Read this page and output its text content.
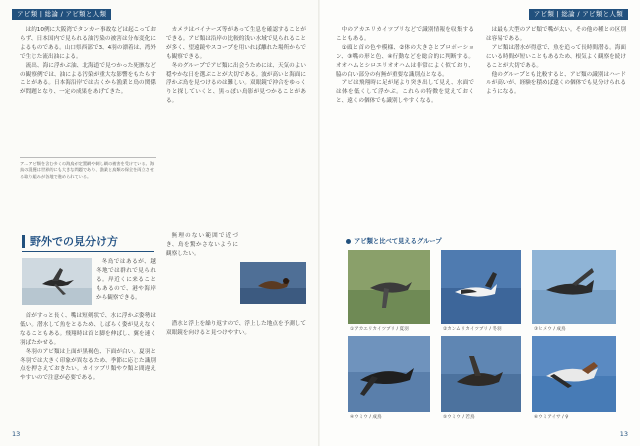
アビ類 | 総論 / アビ類と人類

は約10例に大阪湾でタンカー事故などは起こっておらず、日本国内で見られる油汚染の被害は分布変化によるものである。山口県西部で3、4羽の漂着は、湾外で生じた流出油による。

流出、海に浮かぶ油、北海道で見つかった死骸などの観察例では、油による汚染が重大な影響をもたらすことがある。日本海沿岸では古くから漁業と鳥の関係が問題となり、一定の成果をあげてきた。

ア…アビ類を含む多くの海鳥が定置網や刺し網の被害を受けている。海鳥の混獲は世界的にも大きな問題であり、漁業と鳥類の保全を両立させる取り組みが各地で進められている。

カメラはバイナーズ等があって生息を確認することができる。アビ類は沿岸の比較的浅い水域で見られることが多く、望遠鏡やスコープを用いれば離れた場所からでも観察できる。

冬のグループでアビ類に出会うためには、天気のよい穏やかな日を選ぶことが大切である。波が高いと海面に浮かぶ鳥を見つけるのは難しい。双眼鏡で沖合をゆっくりと探していくと、黒っぽい鳥影が見つかることがある。

野外での見分け方

冬鳥ではあるが、越冬地では群れで見られる。岸近くに来ることもあるので、港や海岸から観察できる。

首がすっと長く、嘴は短剣状で、水に浮かぶ姿勢は低い。潜水して魚をとるため、しばらく姿が見えなくなることもある。飛翔時は首と脚を伸ばし、翼を速く羽ばたかせる。

冬羽のアビ類は上面が黒褐色、下面が白い。夏羽と冬羽では大きく印象が異なるため、季節に応じた識別点を押さえておきたい。カイツブリ類やウ類と間違えやすいので注意が必要である。

無理のない範囲で近づき、鳥を驚かさないように観察したい。

潜水と浮上を繰り返すので、浮上した地点を予測して双眼鏡を向けると見つけやすい。

13
アビ類 | 総論 / アビ類と人類

中のアカエリカイツブリなどで識別情報を収集することもある。

①頭と首の色や模様、②体の大きさとプロポーション、③嘴の形と色、④行動などを総合的に判断する。オオハムとシロエリオオハムは非常によく似ており、脇の白い部分の有無が重要な識別点となる。

アビは飛翔時に足が尾より突き出して見え、水面では体を低くして浮かぶ。これらの特徴を覚えておくと、遠くの個体でも識別しやすくなる。

は最も大型のアビ類で嘴が太い。その他の種との区別は容易である。

アビ類は潜水が得意で、魚を追って長時間潜る。海面にいる時間が短いこともあるため、根気よく観察を続けることが大切である。

他のグループとも比較すると、アビ類の識別はハードルが高いが、経験を積めば遠くの個体でも見分けられるようになる。

アビ類と比べて見えるグループ
①アカエリカイツブリ / 夏羽	②カンムリカイツブリ / 冬羽	③ヒメウ / 成鳥
④ウミウ / 成鳥	⑤ウミウ / 若鳥	⑥ウミアイサ / ♀
13
